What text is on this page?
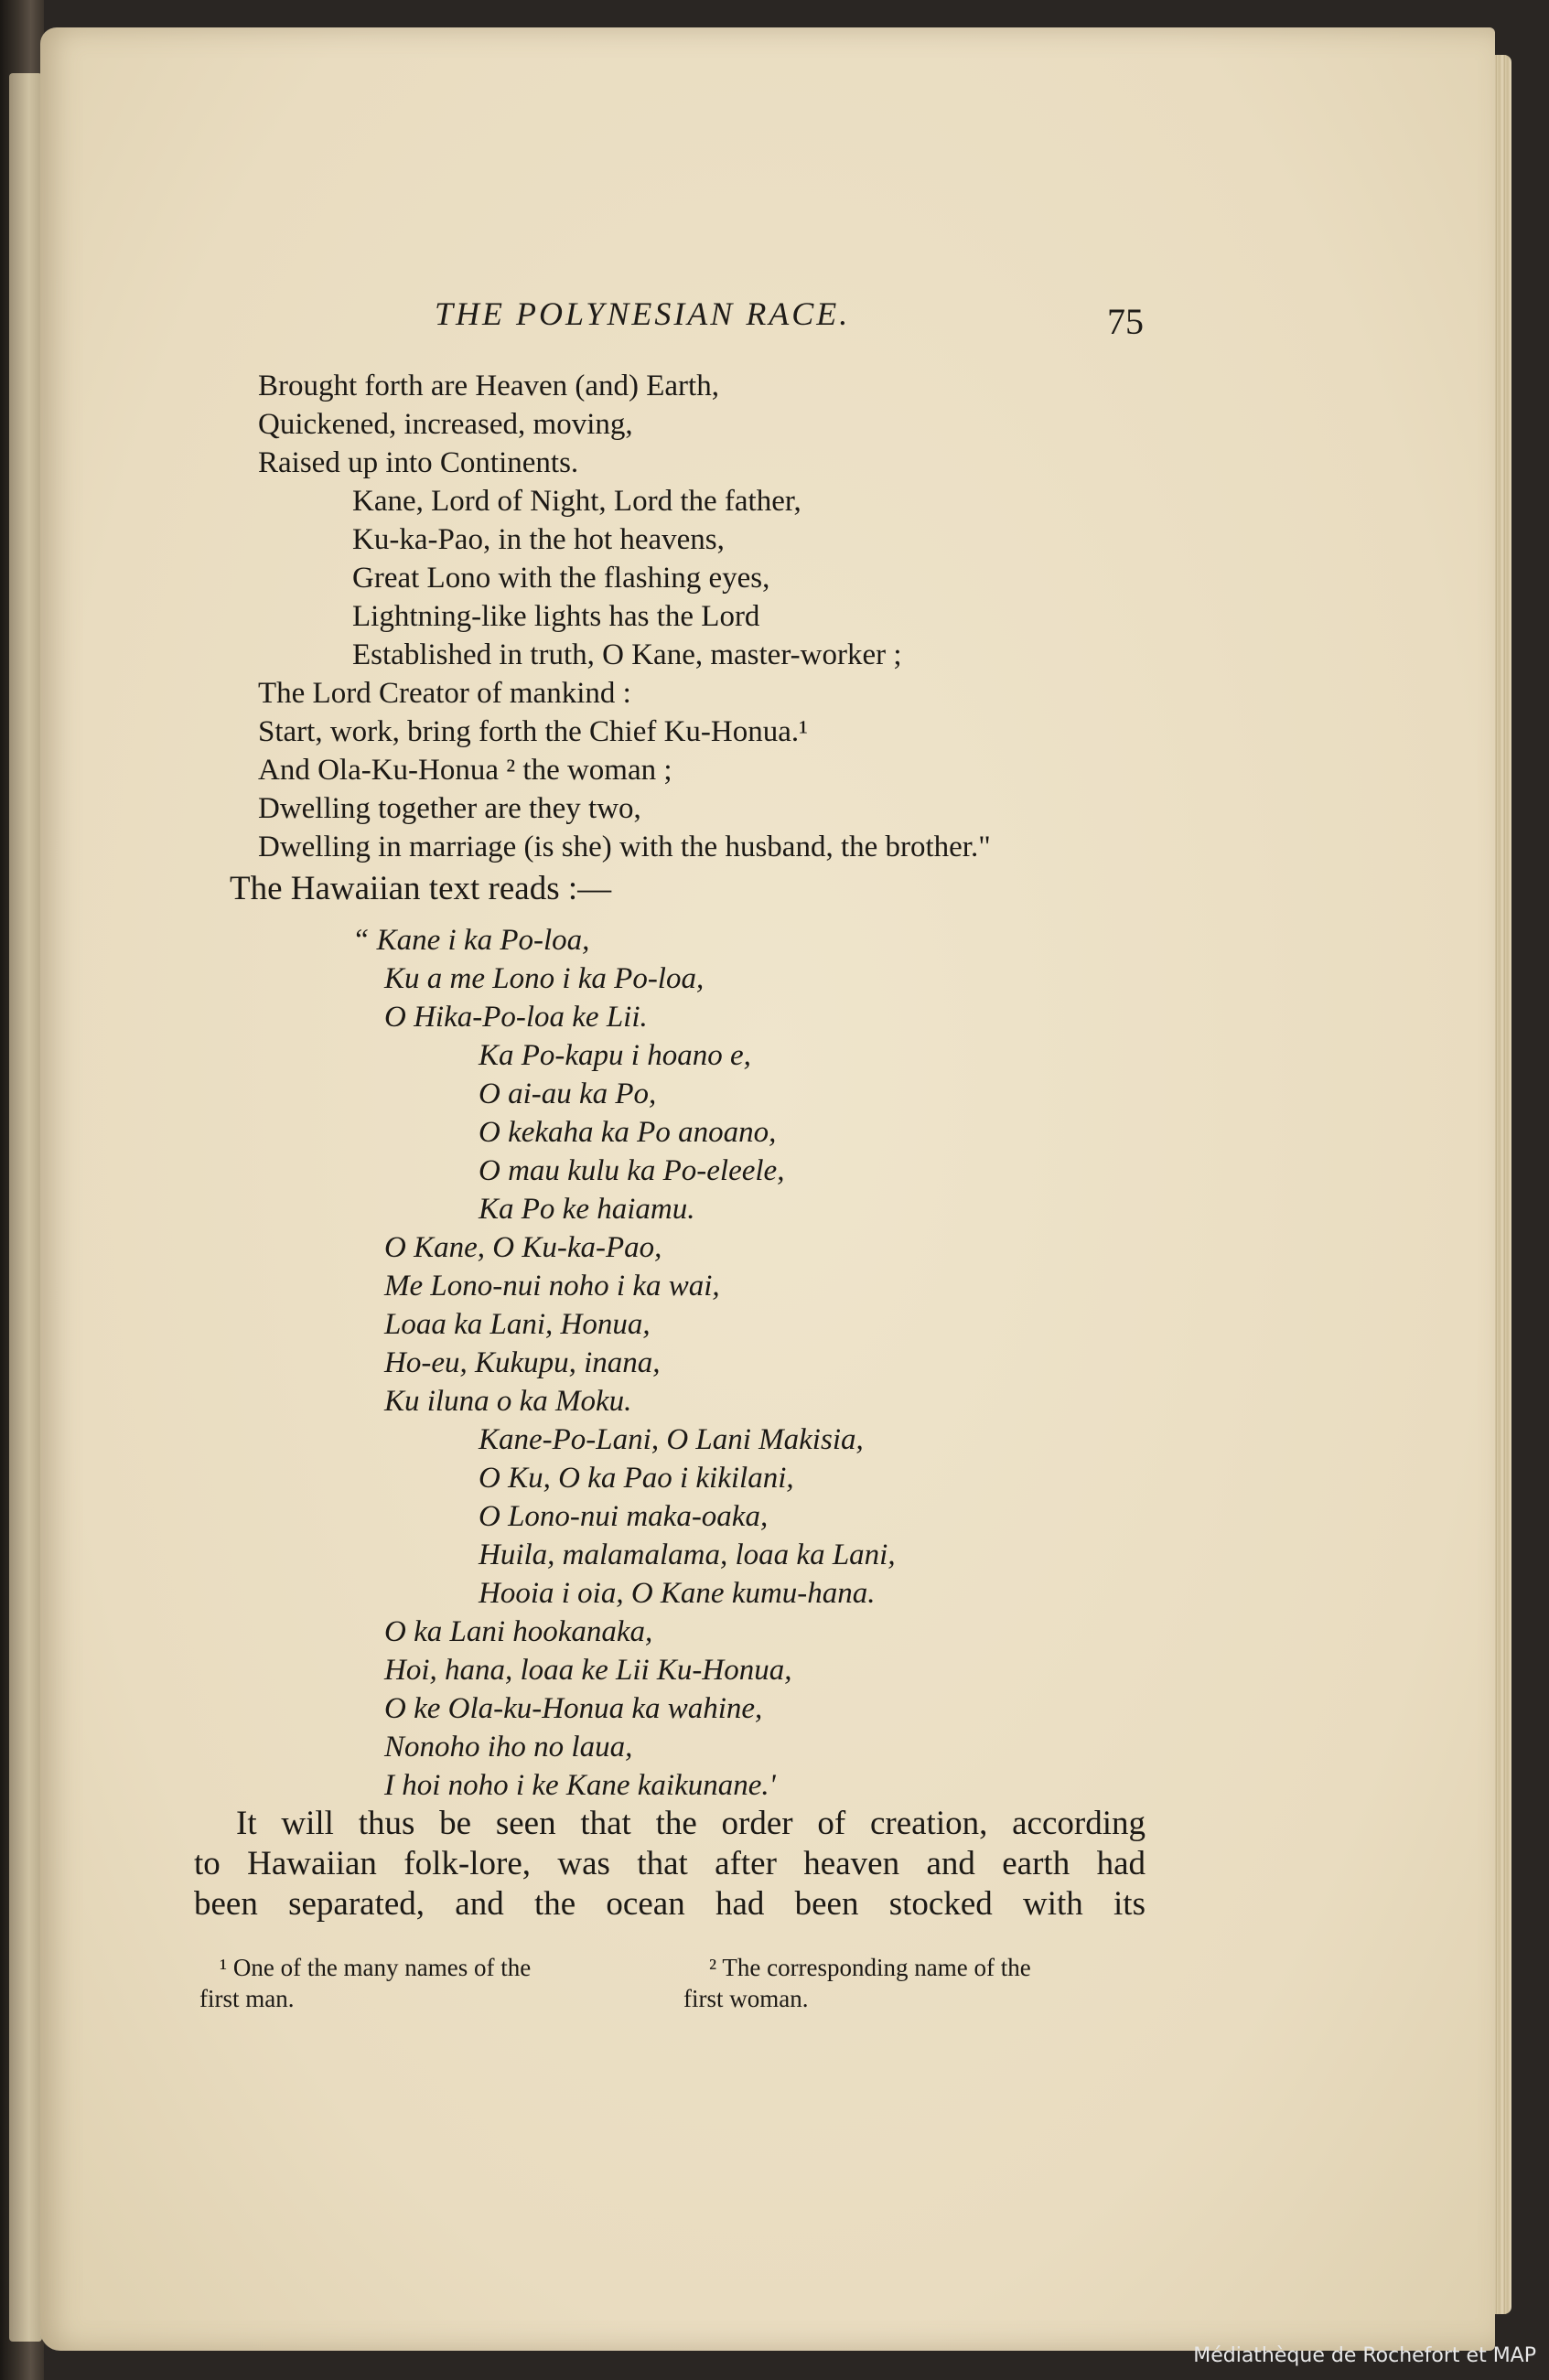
THE POLYNESIAN RACE.	75
Brought forth are Heaven (and) Earth,
Quickened, increased, moving,
Raised up into Continents.
Kane, Lord of Night, Lord the father,
Ku-ka-Pao, in the hot heavens,
Great Lono with the flashing eyes,
Lightning-like lights has the Lord
Established in truth, O Kane, master-worker ;
The Lord Creator of mankind :
Start, work, bring forth the Chief Ku-Honua.¹
And Ola-Ku-Honua ² the woman ;
Dwelling together are they two,
Dwelling in marriage (is she) with the husband, the brother."
The Hawaiian text reads :—
“ Kane i ka Po-loa,
Ku a me Lono i ka Po-loa,
O Hika-Po-loa ke Lii.
Ka Po-kapu i hoano e,
O ai-au ka Po,
O kekaha ka Po anoano,
O mau kulu ka Po-eleele,
Ka Po ke haiamu.
O Kane, O Ku-ka-Pao,
Me Lono-nui noho i ka wai,
Loaa ka Lani, Honua,
Ho-eu, Kukupu, inana,
Ku iluna o ka Moku.
Kane-Po-Lani, O Lani Makisia,
O Ku, O ka Pao i kikilani,
O Lono-nui maka-oaka,
Huila, malamalama, loaa ka Lani,
Hooia i oia, O Kane kumu-hana.
O ka Lani hookanaka,
Hoi, hana, loaa ke Lii Ku-Honua,
O ke Ola-ku-Honua ka wahine,
Nonoho iho no laua,
I hoi noho i ke Kane kaikunane.'
It will thus be seen that the order of creation, according
to Hawaiian folk-lore, was that after heaven and earth had
been separated, and the ocean had been stocked with its
¹ One of the many names of the
first man.
² The corresponding name of the
first woman.
Médiathèque de Rochefort et MAP
